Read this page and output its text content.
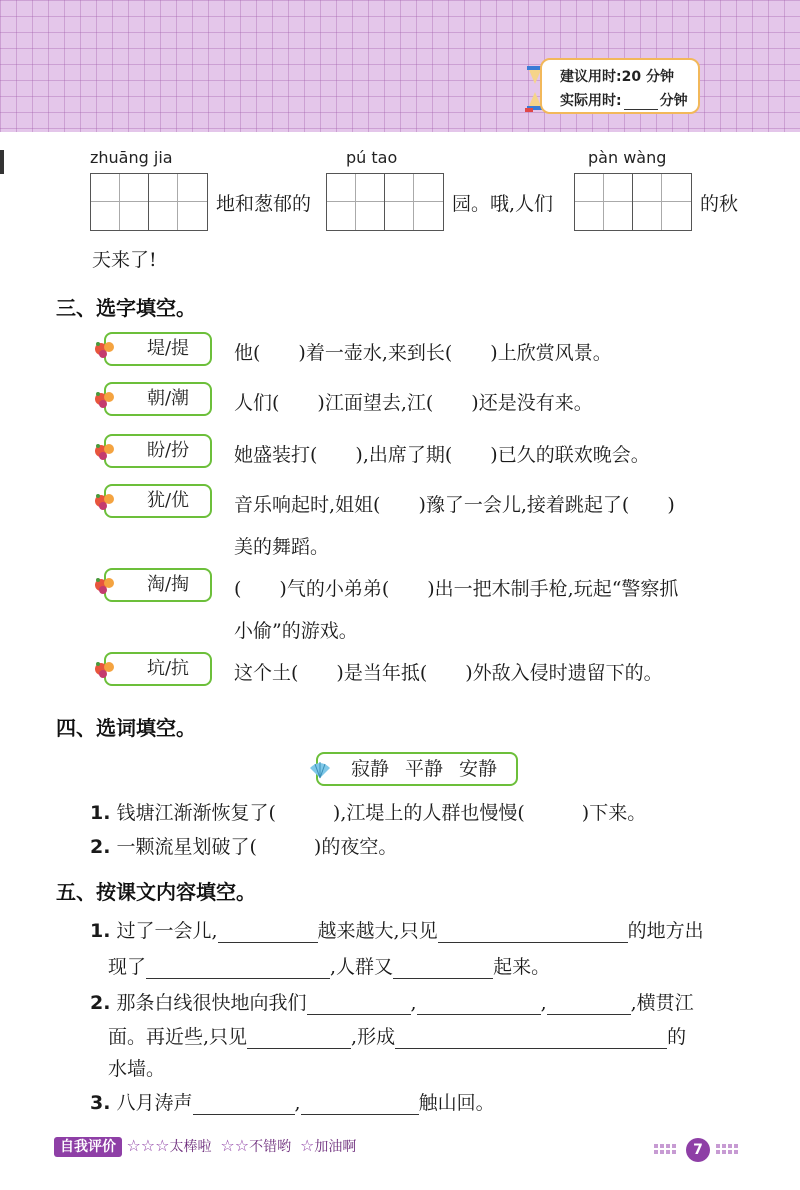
建议用时:20 分钟
实际用时:	分钟
zhuāng jia	pú tao	pàn wàng
地和葱郁的	园。哦,人们	的秋
天来了!
三、选字填空。
堤/提	他(　　)着一壶水,来到长(　　)上欣赏风景。
朝/潮	人们(　　)江面望去,江(　　)还是没有来。
盼/扮	她盛装打(　　),出席了期(　　)已久的联欢晚会。
犹/优	音乐响起时,姐姐(　　)豫了一会儿,接着跳起了(　　)
美的舞蹈。
淘/掏	(　　)气的小弟弟(　　)出一把木制手枪,玩起“警察抓
小偷”的游戏。
坑/抗	这个土(　　)是当年抵(　　)外敌入侵时遗留下的。
四、选词填空。
寂静 平静 安静
1. 钱塘江渐渐恢复了(　　　),江堤上的人群也慢慢(　　　)下来。
2. 一颗流星划破了(　　　)的夜空。
五、按课文内容填空。
1. 过了一会儿,	越来越大,只见	的地方出
现了	,人群又	起来。
2. 那条白线很快地向我们	,	,	,横贯江
面。再近些,只见	,形成	的
水墙。
3. 八月涛声	,	触山回。
自我评价 ☆☆☆太棒啦 ☆☆不错哟 ☆加油啊	7
